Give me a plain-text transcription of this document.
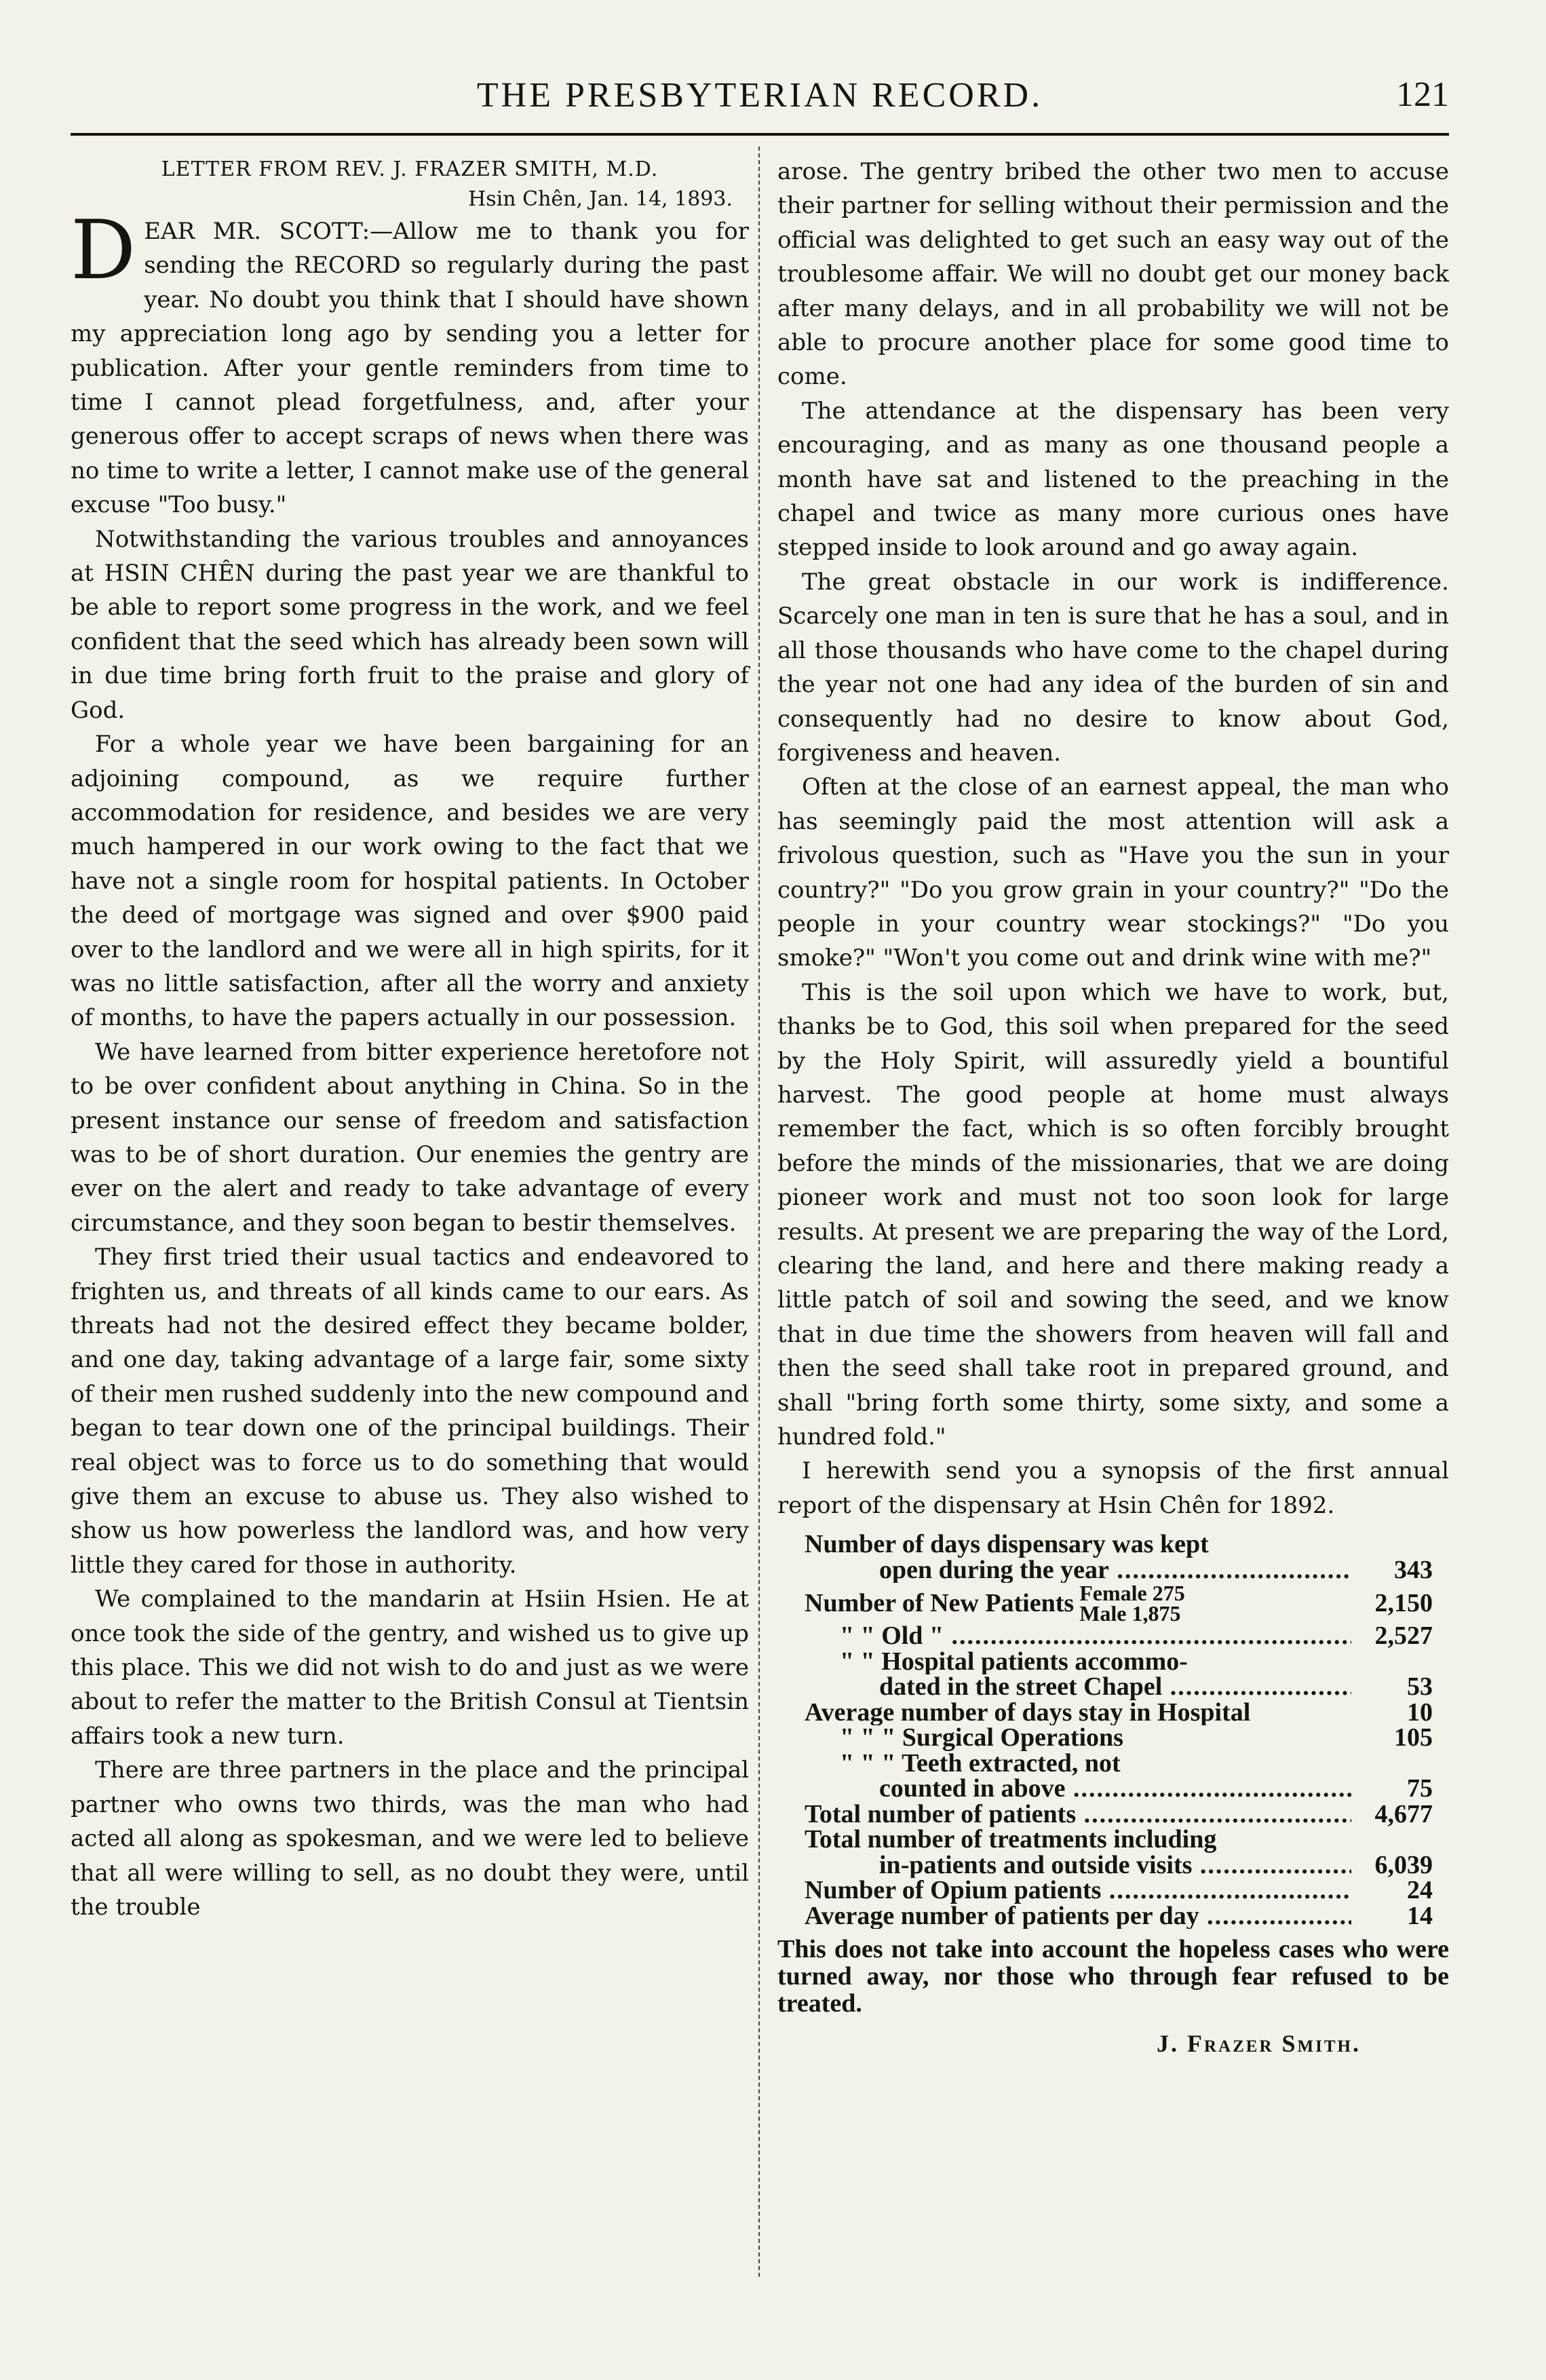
THE PRESBYTERIAN RECORD.	121
LETTER FROM REV. J. FRAZER SMITH, M.D.
Hsin Chên, Jan. 14, 1893.

D EAR MR. SCOTT:—Allow me to thank you for sending the RECORD so regularly during the past year. No doubt you think that I should have shown my appreciation long ago by sending you a letter for publication. After your gentle reminders from time to time I cannot plead forgetfulness, and, after your generous offer to accept scraps of news when there was no time to write a letter, I cannot make use of the general excuse "Too busy."

Notwithstanding the various troubles and annoyances at HSIN CHÊN during the past year we are thankful to be able to report some progress in the work, and we feel confident that the seed which has already been sown will in due time bring forth fruit to the praise and glory of God.

For a whole year we have been bargaining for an adjoining compound, as we require further accommodation for residence, and besides we are very much hampered in our work owing to the fact that we have not a single room for hospital patients. In October the deed of mortgage was signed and over $900 paid over to the landlord and we were all in high spirits, for it was no little satisfaction, after all the worry and anxiety of months, to have the papers actually in our possession.

We have learned from bitter experience heretofore not to be over confident about anything in China. So in the present instance our sense of freedom and satisfaction was to be of short duration. Our enemies the gentry are ever on the alert and ready to take advantage of every circumstance, and they soon began to bestir themselves.

They first tried their usual tactics and endeavored to frighten us, and threats of all kinds came to our ears. As threats had not the desired effect they became bolder, and one day, taking advantage of a large fair, some sixty of their men rushed suddenly into the new compound and began to tear down one of the principal buildings. Their real object was to force us to do something that would give them an excuse to abuse us. They also wished to show us how powerless the landlord was, and how very little they cared for those in authority.

We complained to the mandarin at Hsiin Hsien. He at once took the side of the gentry, and wished us to give up this place. This we did not wish to do and just as we were about to refer the matter to the British Consul at Tientsin affairs took a new turn.

There are three partners in the place and the principal partner who owns two thirds, was the man who had acted all along as spokesman, and we were led to believe that all were willing to sell, as no doubt they were, until the trouble

arose. The gentry bribed the other two men to accuse their partner for selling without their permission and the official was delighted to get such an easy way out of the troublesome affair. We will no doubt get our money back after many delays, and in all probability we will not be able to procure another place for some good time to come.

The attendance at the dispensary has been very encouraging, and as many as one thousand people a month have sat and listened to the preaching in the chapel and twice as many more curious ones have stepped inside to look around and go away again.

The great obstacle in our work is indifference. Scarcely one man in ten is sure that he has a soul, and in all those thousands who have come to the chapel during the year not one had any idea of the burden of sin and consequently had no desire to know about God, forgiveness and heaven.

Often at the close of an earnest appeal, the man who has seemingly paid the most attention will ask a frivolous question, such as "Have you the sun in your country?" "Do you grow grain in your country?" "Do the people in your country wear stockings?" "Do you smoke?" "Won't you come out and drink wine with me?"

This is the soil upon which we have to work, but, thanks be to God, this soil when prepared for the seed by the Holy Spirit, will assuredly yield a bountiful harvest. The good people at home must always remember the fact, which is so often forcibly brought before the minds of the missionaries, that we are doing pioneer work and must not too soon look for large results. At present we are preparing the way of the Lord, clearing the land, and here and there making ready a little patch of soil and sowing the seed, and we know that in due time the showers from heaven will fall and then the seed shall take root in prepared ground, and shall "bring forth some thirty, some sixty, and some a hundred fold."

I herewith send you a synopsis of the first annual report of the dispensary at Hsin Chên for 1892.

Number of days dispensary was kept
open during the year .....	343
Number of New Patients Female 275
Male 1,875	2,150
" " Old " .....	2,527
" " Hospital patients accommo-
dated in the street Chapel .....	53
Average number of days stay in Hospital	10
" " " Surgical Operations	105
" " " Teeth extracted, not
counted in above .....	75
Total number of patients .....	4,677
Total number of treatments including
in-patients and outside visits .....	6,039
Number of Opium patients .....	24
Average number of patients per day .....	14
This does not take into account the hopeless cases who were turned away, nor those who through fear refused to be treated.
J. Frazer Smith.
